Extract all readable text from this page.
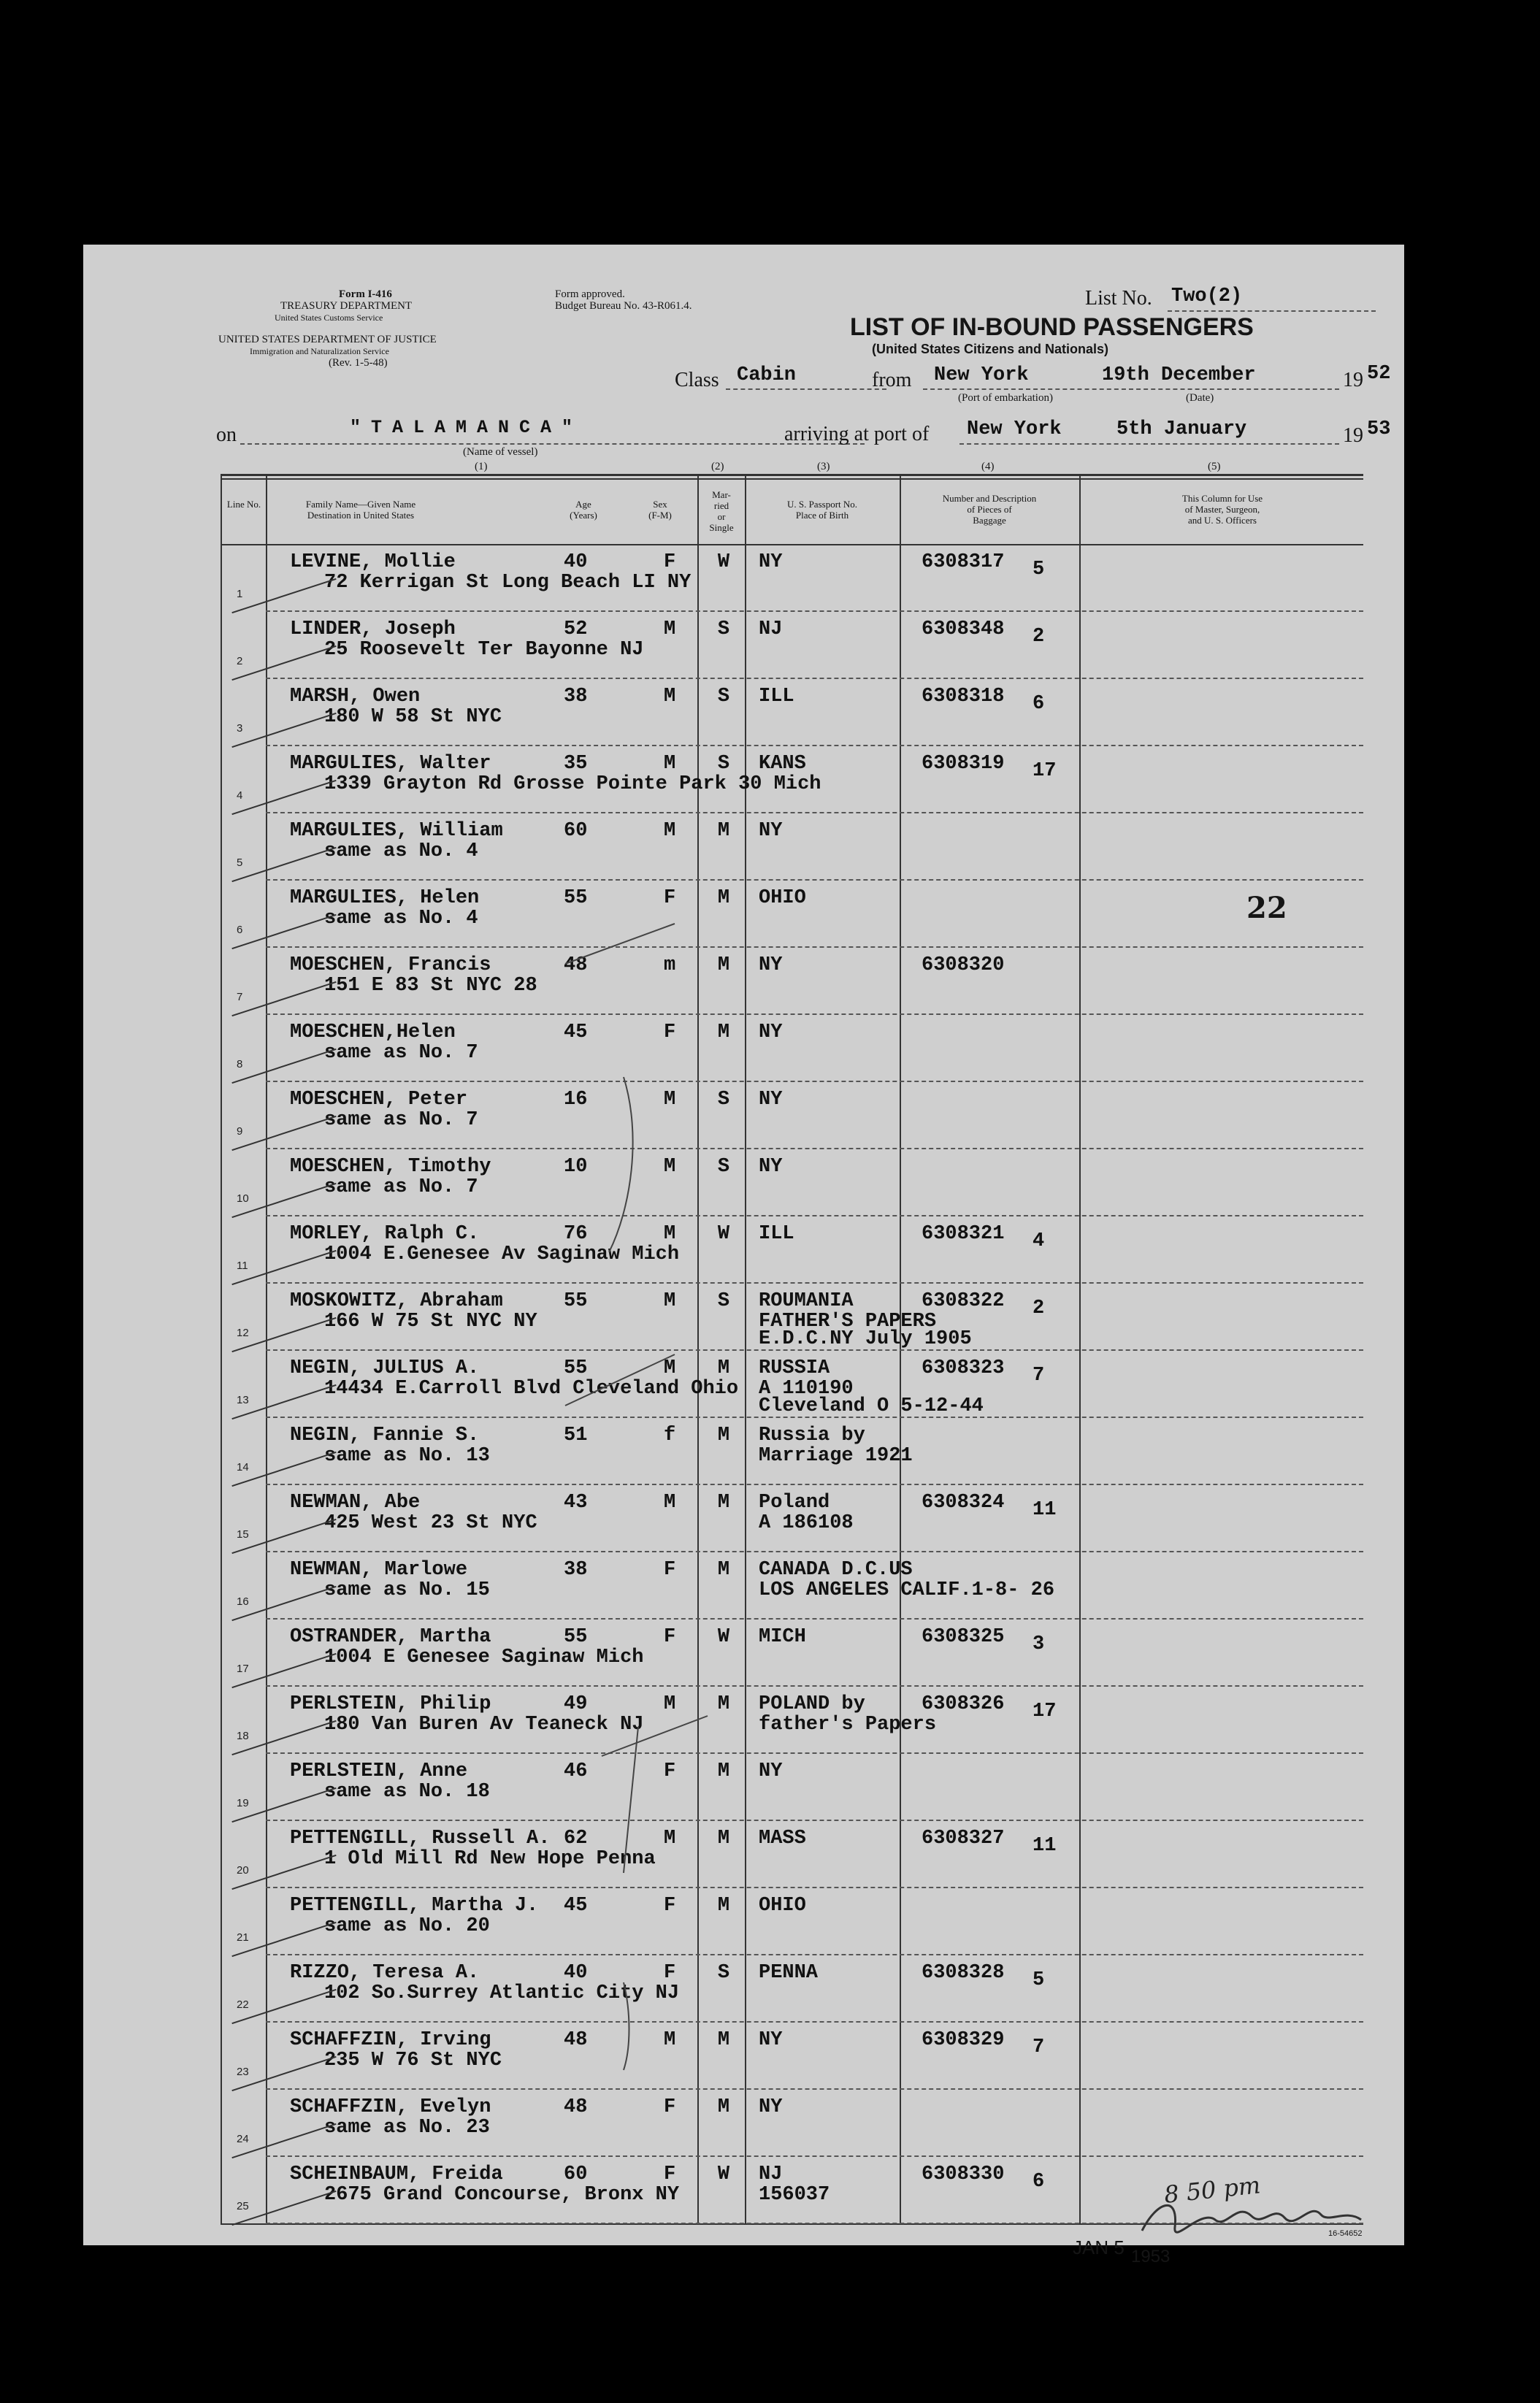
Form I-416
TREASURY DEPARTMENT
United States Customs Service
UNITED STATES DEPARTMENT OF JUSTICE
Immigration and Naturalization Service
(Rev. 1-5-48)
Form approved.
Budget Bureau No. 43-R061.4.	List No. Two(2)
LIST OF IN-BOUND PASSENGERS
(United States Citizens and Nationals)
Class Cabin	from New York
(Port of embarkation)
19th December
(Date)
19 52
on	"TALAMANCA"
(Name of vessel)
arriving at port of New York	5th January	19 53
(1)	(2)	(3)	(4)	(5)
Line No.	Family Name—Given Name
Destination in United States
Age
(Years)
Sex
(F-M)
Mar-
ried
or
Single
U. S. Passport No.
Place of Birth
Number and Description
of Pieces of
Baggage
This Column for Use
of Master, Surgeon,
and U. S. Officers
1
LEVINE, Mollie
72 Kerrigan St Long Beach LI NY
40	F W NY	6308317 5
2
LINDER, Joseph
25 Roosevelt Ter Bayonne NJ
52	M S NJ	6308348 2
3
MARSH, Owen
180 W 58 St NYC
38	M S ILL	6308318 6
4
MARGULIES, Walter
1339 Grayton Rd Grosse Pointe Park 30 Mich
35	M S KANS	6308319 17
5
MARGULIES, William
same as No. 4
60	M M NY
6
MARGULIES, Helen
same as No. 4
55	F M OHIO
7
MOESCHEN, Francis
151 E 83 St NYC 28
48	m M NY	6308320
8
MOESCHEN,Helen
same as No. 7
45	F M NY
9
MOESCHEN, Peter
same as No. 7
16	M S NY
10
MOESCHEN, Timothy
same as No. 7
10	M S NY
11
MORLEY, Ralph C.
1004 E.Genesee Av Saginaw Mich
76	M W ILL	6308321 4
12
MOSKOWITZ, Abraham
166 W 75 St NYC NY
55	M S ROUMANIA
FATHER'S PAPERS
E.D.C.NY July 1905
6308322 2
13
NEGIN, JULIUS A.
14434 E.Carroll Blvd Cleveland Ohio
55	M M RUSSIA
A 110190
Cleveland O 5-12-44
6308323 7
14
NEGIN, Fannie S.
same as No. 13
51	f M Russia by
Marriage 1921
15
NEWMAN, Abe
425 West 23 St NYC
43	M M Poland
A 186108
6308324 11
16
NEWMAN, Marlowe
same as No. 15
38	F M CANADA D.C.US
LOS ANGELES CALIF.1-8- 26
17
OSTRANDER, Martha
1004 E Genesee Saginaw Mich
55	F W MICH	6308325 3
18
PERLSTEIN, Philip
180 Van Buren Av Teaneck NJ
49	M M POLAND by
father's Papers
6308326 17
19
PERLSTEIN, Anne
same as No. 18
46	F M NY
20
PETTENGILL, Russell A.
1 Old Mill Rd New Hope Penna
62	M M MASS	6308327 11
21
PETTENGILL, Martha J.
same as No. 20
45	F M OHIO
22
RIZZO, Teresa A.
102 So.Surrey Atlantic City NJ
40	F S PENNA	6308328 5
23
SCHAFFZIN, Irving
235 W 76 St NYC
48	M M NY	6308329 7
24
SCHAFFZIN, Evelyn
same as No. 23
48	F M NY
25
SCHEINBAUM, Freida
2675 Grand Concourse, Bronx NY
60	F W NJ
156037
6308330 6
22
8 50 pm
JAN 5 1953
16-54652
